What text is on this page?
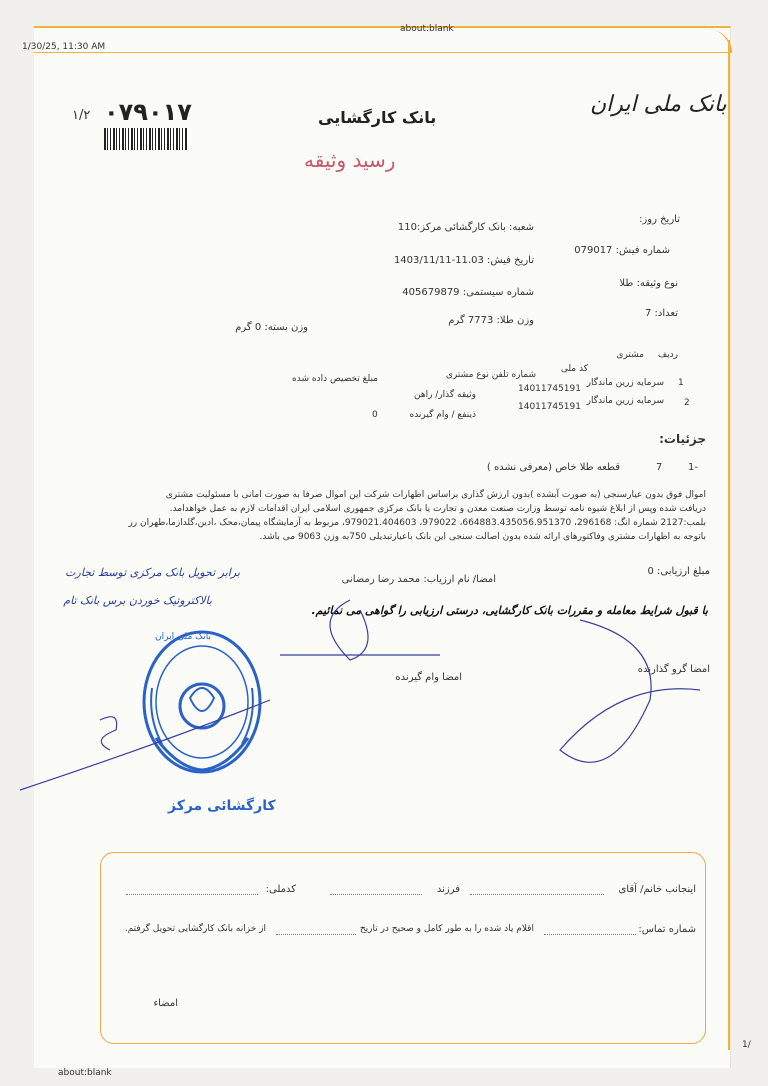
about:blank
1/30/25, 11:30 AM
about:blank
1/
بانک ملی ایران
بانک کارگشایی
رسید وثیقه
۰۷۹۰۱۷
۱/۲
تاریخ روز:
شعبه: بانک کارگشائی مرکز:110
شماره فیش: 079017
تاریخ فیش: 11.03-1403/11/11
نوع وثیقه: طلا
شماره سیستمی: 405679879
تعداد: 7
وزن طلا: 7773 گرم
وزن بسته: 0 گرم
ردیف
مشتری
کد ملی
شماره تلفن نوع مشتری
مبلغ تخصیص داده شده	1
سرمایه زرین ماندگار
14011745191
وثیقه گذار/ راهن
2
سرمایه زرین ماندگار
14011745191
ذینفع / وام گیرنده
0
جزئیات:
1-
7
قطعه طلا خاص (معرفی نشده )
اموال فوق بدون عیارسنجی (به صورت آبشده )بدون ارزش گذاری براساس اظهارات شرکت این اموال صرفا به صورت امانی با مسئولیت مشتری
دریافت شده وپس از ابلاغ شیوه نامه توسط وزارت صنعت معدن و تجارت یا بانک مرکزی جمهوری اسلامی ایران اقدامات لازم به عمل خواهدامد.
بلمب:2127 شماره انگ: 296168، 664883.435056.951370، 979022، 979021.404603، مربوط به آزمایشگاه پیمان،محک ،ادین،گلدازما،طهران رر
باتوجه به اظهارات مشتری وفاکتورهای ارائه شده بدون اصالت سنجی این بانک باعیارتبدیلی 750به وزن 9063 می باشد.
مبلغ ارزیابی: 0
امضا/ نام ارزیاب: محمد رضا رمضانی
برابر تحویل بانک مرکزی توسط تجارت
بالاکتروتیک خوردن برس بانک تام
با قبول شرایط معامله و مقررات بانک کارگشایی، درستی ارزیابی را گواهی می نمائیم.
امضا گرو گذارنده
امضا وام گیرنده
بانک ملی ایران
کارگشائی مرکز
اینجانب خانم/ آقای
فرزند
کدملی:
شماره تماس:
اقلام یاد شده را به طور کامل و صحیح در تاریخ
از خزانه بانک کارگشایی تحویل گرفتم.
امضاء
